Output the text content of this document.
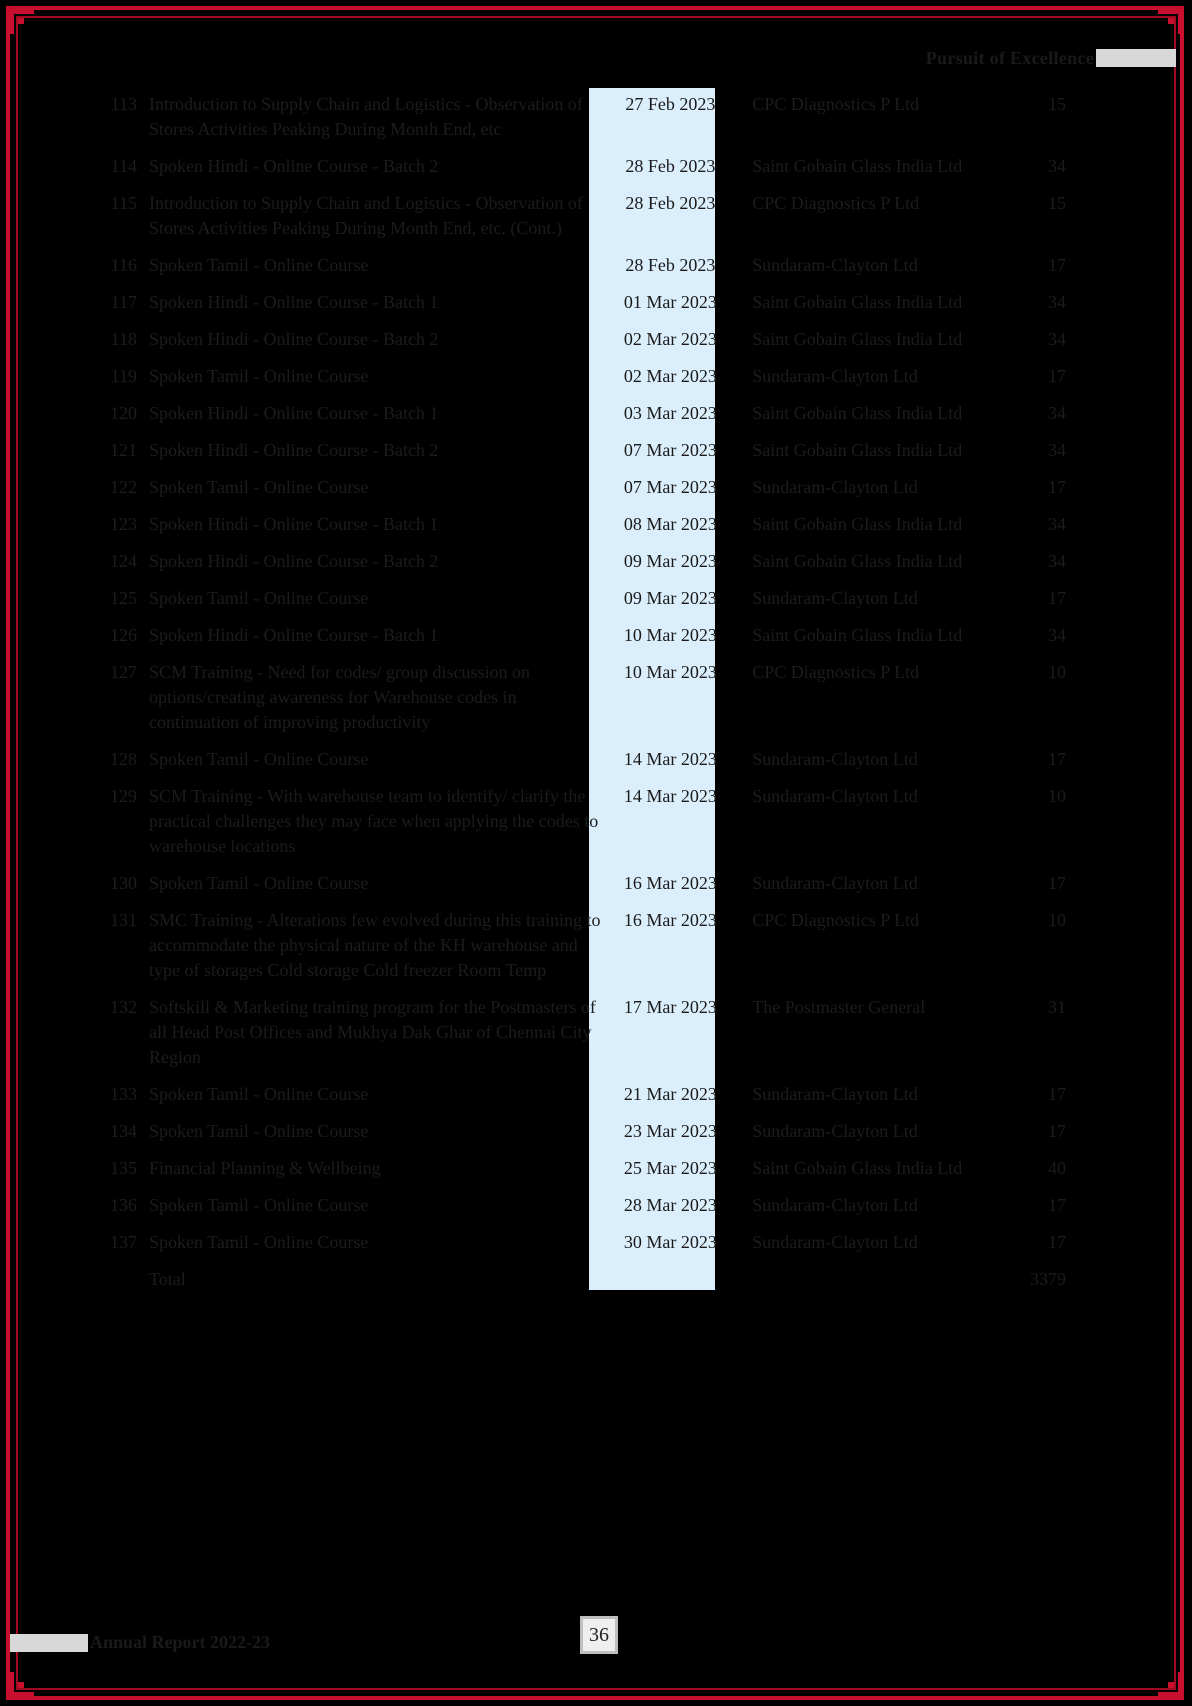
Pursuit of Excellence
113	Introduction to Supply Chain and Logistics - Observation of Stores Activities Peaking During Month End, etc	27 Feb 2023	CPC Diagnostics P Ltd	15
114	Spoken Hindi - Online Course - Batch 2	28 Feb 2023	Saint Gobain Glass India Ltd	34
115	Introduction to Supply Chain and Logistics - Observation of Stores Activities Peaking During Month End, etc. (Cont.)	28 Feb 2023	CPC Diagnostics P Ltd	15
116	Spoken Tamil - Online Course	28 Feb 2023	Sundaram-Clayton Ltd	17
117	Spoken Hindi - Online Course - Batch 1	01 Mar 2023	Saint Gobain Glass India Ltd	34
118	Spoken Hindi - Online Course - Batch 2	02 Mar 2023	Saint Gobain Glass India Ltd	34
119	Spoken Tamil - Online Course	02 Mar 2023	Sundaram-Clayton Ltd	17
120	Spoken Hindi - Online Course - Batch 1	03 Mar 2023	Saint Gobain Glass India Ltd	34
121	Spoken Hindi - Online Course - Batch 2	07 Mar 2023	Saint Gobain Glass India Ltd	34
122	Spoken Tamil - Online Course	07 Mar 2023	Sundaram-Clayton Ltd	17
123	Spoken Hindi - Online Course - Batch 1	08 Mar 2023	Saint Gobain Glass India Ltd	34
124	Spoken Hindi - Online Course - Batch 2	09 Mar 2023	Saint Gobain Glass India Ltd	34
125	Spoken Tamil - Online Course	09 Mar 2023	Sundaram-Clayton Ltd	17
126	Spoken Hindi - Online Course - Batch 1	10 Mar 2023	Saint Gobain Glass India Ltd	34
127	SCM Training - Need for codes/ group discussion on options/creating awareness for Warehouse codes in continuation of improving productivity	10 Mar 2023	CPC Diagnostics P Ltd	10
128	Spoken Tamil - Online Course	14 Mar 2023	Sundaram-Clayton Ltd	17
129	SCM Training - With warehouse team to identify/ clarify the practical challenges they may face when applying the codes to warehouse locations	14 Mar 2023	Sundaram-Clayton Ltd	10
130	Spoken Tamil - Online Course	16 Mar 2023	Sundaram-Clayton Ltd	17
131	SMC Training - Alterations few evolved during this training to accommodate the physical nature of the KH warehouse and type of storages Cold storage Cold freezer Room Temp	16 Mar 2023	CPC Diagnostics P Ltd	10
132	Softskill & Marketing training program for the Postmasters of all Head Post Offices and Mukhya Dak Ghar of Chennai City Region	17 Mar 2023	The Postmaster General	31
133	Spoken Tamil - Online Course	21 Mar 2023	Sundaram-Clayton Ltd	17
134	Spoken Tamil - Online Course	23 Mar 2023	Sundaram-Clayton Ltd	17
135	Financial Planning & Wellbeing	25 Mar 2023	Saint Gobain Glass India Ltd	40
136	Spoken Tamil - Online Course	28 Mar 2023	Sundaram-Clayton Ltd	17
137	Spoken Tamil - Online Course	30 Mar 2023	Sundaram-Clayton Ltd	17
	Total			3379
Annual Report 2022-23	36
